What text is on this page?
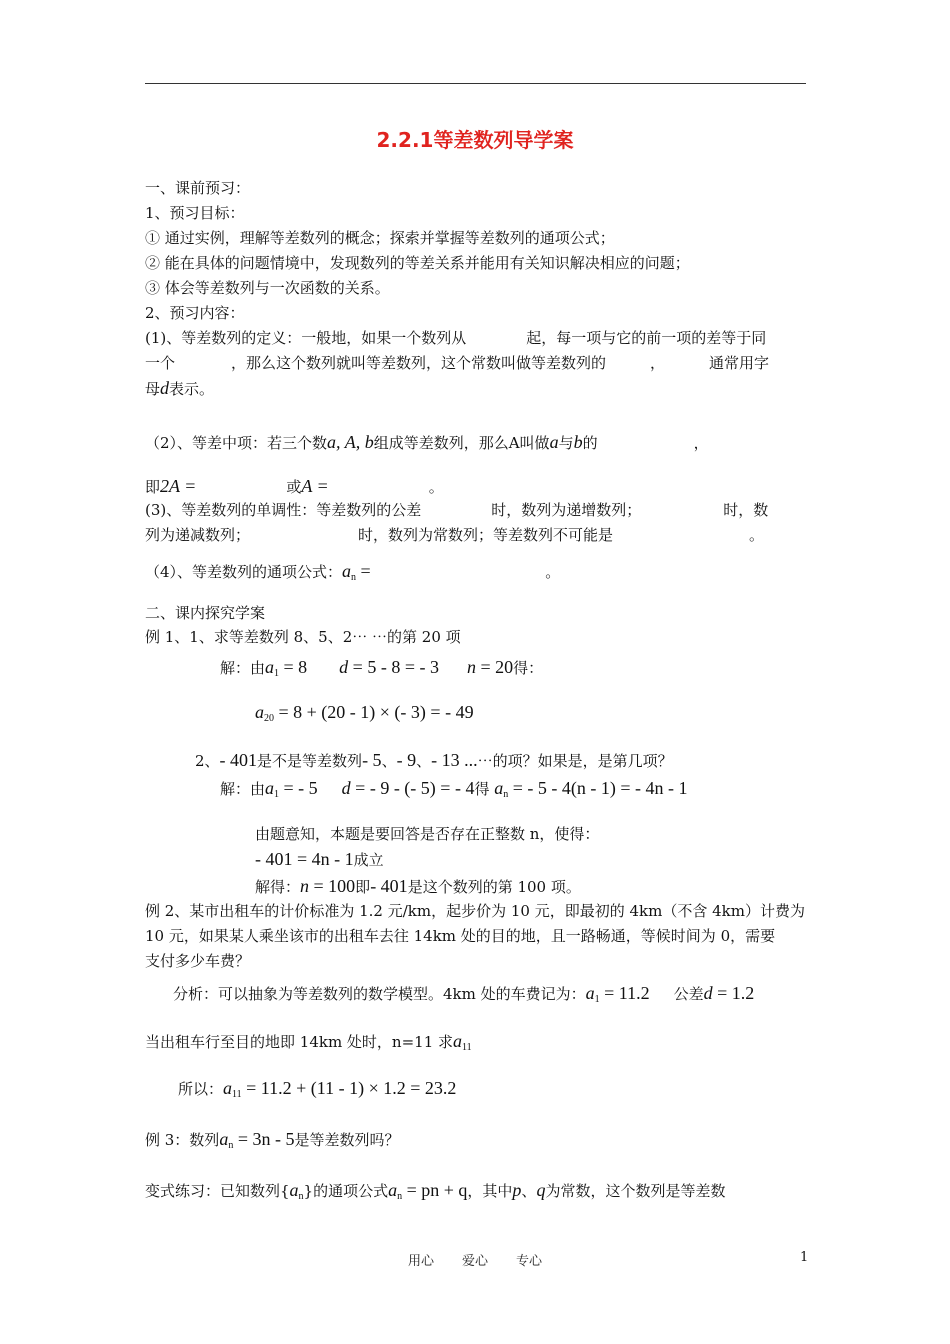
2.2.1等差数列导学案
一、课前预习：
1、预习目标：
① 通过实例，理解等差数列的概念；探索并掌握等差数列的通项公式；
② 能在具体的问题情境中，发现数列的等差关系并能用有关知识解决相应的问题；
③ 体会等差数列与一次函数的关系。
2、预习内容：
(1)、等差数列的定义：一般地，如果一个数列从	起，每一项与它的前一项的差等于同
一个	，那么这个数列就叫等差数列，这个常数叫做等差数列的	，	通常用字
母d表示。
（2）、等差中项：若三个数a, A, b组成等差数列，那么A叫做a与b的	，
即2A =	或A =	。
(3)、等差数列的单调性：等差数列的公差	时，数列为递增数列；	时，数
列为递减数列；	时，数列为常数列；等差数列不可能是	。
（4）、等差数列的通项公式：$a_n$ =	。
二、课内探究学案
例 1、1、求等差数列 8、5、2⋯ ⋯的第 20 项
解：由$a_1 = 8$ d = 5 - 8 = - 3 n = 20得：
$a_{20} = 8 + (20 - 1)$ × (- 3) = - 49
2、- 401是不是等差数列- 5、- 9、- 13 ...⋯的项？如果是，是第几项？
解：由$a_1$ = - 5 d = - 9 - (- 5) = - 4得 $a_n$ = - 5 - 4(n - 1) = - 4n - 1
由题意知，本题是要回答是否存在正整数 n，使得：
- 401 = 4n - 1成立
解得：n = 100即- 401是这个数列的第 100 项。
例 2、某市出租车的计价标准为 1.2 元/km，起步价为 10 元，即最初的 4km（不含 4km）计费为
10 元，如果某人乘坐该市的出租车去往 14km 处的目的地，且一路畅通，等候时间为 0，需要
支付多少车费？
分析：可以抽象为等差数列的数学模型。4km 处的车费记为：$a_1 = 11.2$ 公差d = 1.2
当出租车行至目的地即 14km 处时，n=11 求$a_{11}$
所以：$a_{11} = 11.2 + (11 - 1) \times 1.2 = 23.2$
例 3：数列$a_n = 3n - 5$是等差数列吗？
变式练习：已知数列$\{a_n\}$的通项公式$a_n$ = pn + q，其中p、q为常数，这个数列是等差数
用心 爱心 专心	1
